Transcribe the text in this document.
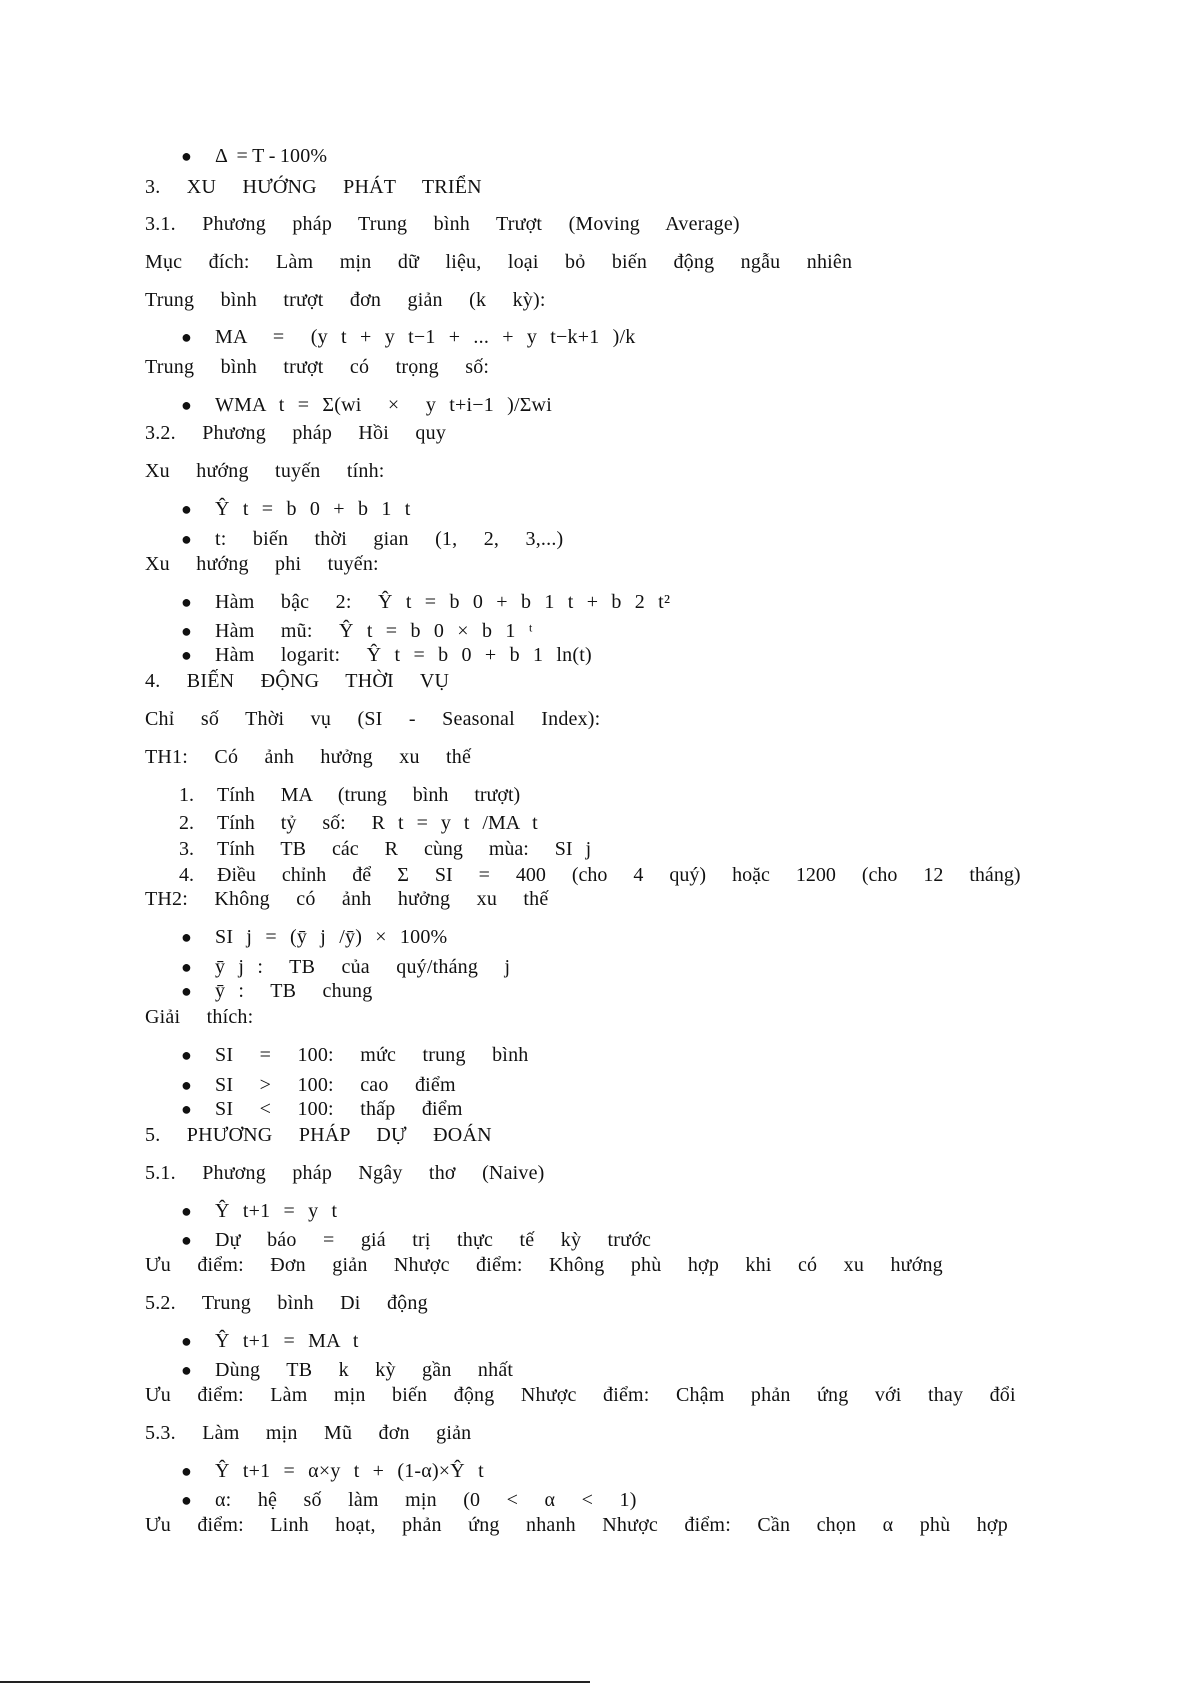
● Δ  = T - 100%
3.  XU  HƯỚNG  PHÁT  TRIỂN
3.1.  Phương  pháp  Trung  bình  Trượt  (Moving  Average)
Mục  đích:  Làm  mịn  dữ  liệu,  loại  bỏ  biến  động  ngẫu  nhiên
Trung  bình  trượt  đơn  giản  (k  kỳ):
● MA  =  (y t + y t−1 + ... + y t−k+1 )/k
Trung  bình  trượt  có  trọng  số:
● WMA t = Σ(wi  ×  y t+i−1 )/Σwi
3.2.  Phương  pháp  Hồi  quy
Xu  hướng  tuyến  tính:
● Ŷ t = b 0 + b 1 t
● t:  biến  thời  gian  (1,  2,  3,...)
Xu  hướng  phi  tuyến:
● Hàm  bậc  2:  Ŷ t = b 0 + b 1 t + b 2 t²
● Hàm  mũ:  Ŷ t = b 0 × b 1 ᵗ
● Hàm  logarit:  Ŷ t = b 0 + b 1 ln(t)
4.  BIẾN  ĐỘNG  THỜI  VỤ
Chỉ  số  Thời  vụ  (SI  -  Seasonal  Index):
TH1:  Có  ảnh  hưởng  xu  thế
1. Tính  MA  (trung  bình  trượt)
2. Tính  tỷ  số:  R t = y t /MA t
3. Tính  TB  các  R  cùng  mùa:  SI j
4. Điều  chỉnh  để  Σ  SI  =  400  (cho  4  quý)  hoặc  1200  (cho  12  tháng)
TH2:  Không  có  ảnh  hưởng  xu  thế
● SI j = (ȳ j /ȳ) × 100%
● ȳ j :  TB  của  quý/tháng  j
● ȳ :  TB  chung
Giải  thích:
● SI  =  100:  mức  trung  bình
● SI  >  100:  cao  điểm
● SI  <  100:  thấp  điểm
5.  PHƯƠNG  PHÁP  DỰ  ĐOÁN
5.1.  Phương  pháp  Ngây  thơ  (Naive)
● Ŷ t+1 = y t
● Dự  báo  =  giá  trị  thực  tế  kỳ  trước
Ưu  điểm:  Đơn  giản  Nhược  điểm:  Không  phù  hợp  khi  có  xu  hướng
5.2.  Trung  bình  Di  động
● Ŷ t+1 = MA t
● Dùng  TB  k  kỳ  gần  nhất
Ưu  điểm:  Làm  mịn  biến  động  Nhược  điểm:  Chậm  phản  ứng  với  thay  đổi
5.3.  Làm  mịn  Mũ  đơn  giản
● Ŷ t+1 = α×y t + (1-α)×Ŷ t
● α:  hệ  số  làm  mịn  (0  <  α  <  1)
Ưu  điểm:  Linh  hoạt,  phản  ứng  nhanh  Nhược  điểm:  Cần  chọn  α  phù  hợp
